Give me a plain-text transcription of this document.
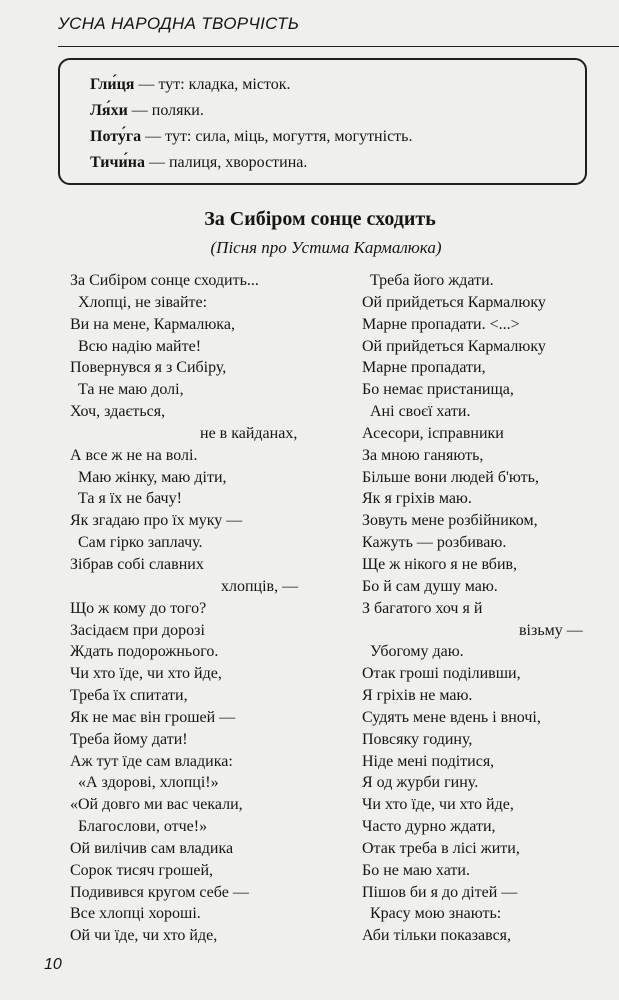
УСНА НАРОДНА ТВОРЧІСТЬ
Гли́ця — тут: кладка, місток.
Ля́хи — поляки.
Поту́га — тут: сила, міць, могуття, могутність.
Тичи́на — палиця, хворостина.
За Сибіром сонце сходить
(Пісня про Устима Кармалюка)
За Сибіром сонце сходить...
Хлопці, не зівайте:
Ви на мене, Кармалюка,
Всю надію майте!
Повернувся я з Сибіру,
Та не маю долі,
Хоч, здається,
не в кайданах,
А все ж не на волі.
Маю жінку, маю діти,
Та я їх не бачу!
Як згадаю про їх муку —
Сам гірко заплачу.
Зібрав собі славних
хлопців, —
Що ж кому до того?
Засідаєм при дорозі
Ждать подорожнього.
Чи хто їде, чи хто йде,
Треба їх спитати,
Як не має він грошей —
Треба йому дати!
Аж тут їде сам владика:
«А здорові, хлопці!»
«Ой довго ми вас чекали,
Благослови, отче!»
Ой вилічив сам владика
Сорок тисяч грошей,
Подивився кругом себе —
Все хлопці хороші.
Ой чи їде, чи хто йде,
Треба його ждати.
Ой прийдеться Кармалюку
Марне пропадати. <...>
Ой прийдеться Кармалюку
Марне пропадати,
Бо немає пристанища,
Ані своєї хати.
Асесори, ісправники
За мною ганяють,
Більше вони людей б'ють,
Як я гріхів маю.
Зовуть мене розбійником,
Кажуть — розбиваю.
Ще ж нікого я не вбив,
Бо й сам душу маю.
З багатого хоч я й
візьму —
Убогому даю.
Отак гроші поділивши,
Я гріхів не маю.
Судять мене вдень і вночі,
Повсяку годину,
Ніде мені подітися,
Я од журби гину.
Чи хто їде, чи хто йде,
Часто дурно ждати,
Отак треба в лісі жити,
Бо не маю хати.
Пішов би я до дітей —
Красу мою знають:
Аби тільки показався,
10
